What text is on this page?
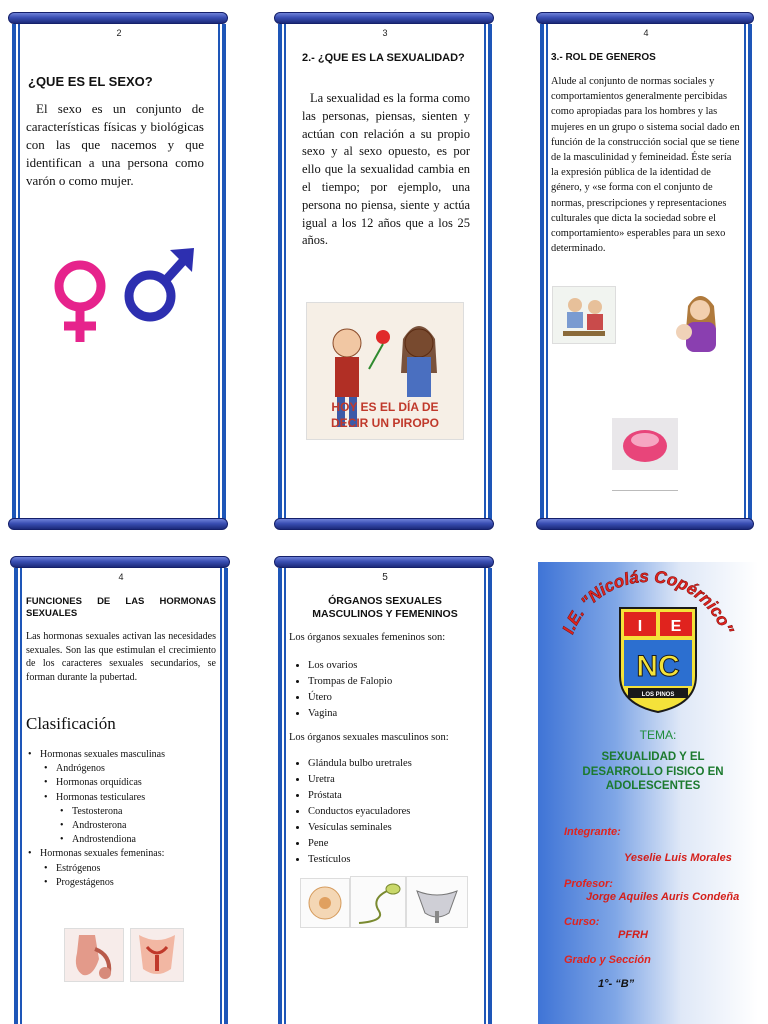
2
¿QUE ES EL SEXO?
El sexo es un conjunto de características físicas y biológicas con las que nacemos y que identifican a una persona como varón o como mujer.
3
2.- ¿QUE ES LA SEXUALIDAD?
La sexualidad es la forma como las personas, piensas, sienten y actúan con relación a su propio sexo y al sexo opuesto, es por ello que la sexualidad cambia en el tiempo; por ejemplo, una persona no piensa, siente y actúa igual a los 12 años que a los 25 años.
HOY ES EL DÍA DE
DECIR UN PIROPO
4
3.- ROL DE GENEROS
Alude al conjunto de normas sociales y comportamientos generalmente percibidas como apropiadas para los hombres y las mujeres en un grupo o sistema social dado en función de la construcción social que se tiene de la masculinidad y femineidad. Éste sería la expresión pública de la identidad de género, y «se forma con el conjunto de normas, prescripciones y representaciones culturales que dicta la sociedad sobre el comportamiento» esperables para un sexo determinado.
4
FUNCIONES DE LAS HORMONAS SEXUALES
Las hormonas sexuales activan las necesidades sexuales. Son las que estimulan el crecimiento de los caracteres sexuales secundarios, se forman durante la pubertad.
Clasificación
• Hormonas sexuales masculinas
• Andrógenos
• Hormonas orquídicas
• Hormonas testiculares
• Testosterona
• Androsterona
• Androstendiona
• Hormonas sexuales femeninas:
• Estrógenos
• Progestágenos
5
ÓRGANOS SEXUALES MASCULINOS Y FEMENINOS
Los órganos sexuales femeninos son:
• Los ovarios
• Trompas de Falopio
• Útero
• Vagina
Los órganos sexuales masculinos son:
• Glándula bulbo uretrales
• Uretra
• Próstata
• Conductos eyaculadores
• Vesículas seminales
• Pene
• Testículos
I.E. "Nicolás Copérnico"
I E
NC
LOS PINOS
TEMA:
SEXUALIDAD Y EL DESARROLLO FISICO EN ADOLESCENTES
Integrante:
Yeselie Luis Morales
Profesor:
Jorge Aquiles Auris Condeña
Curso:
PFRH
Grado y Sección
1°- “B”
